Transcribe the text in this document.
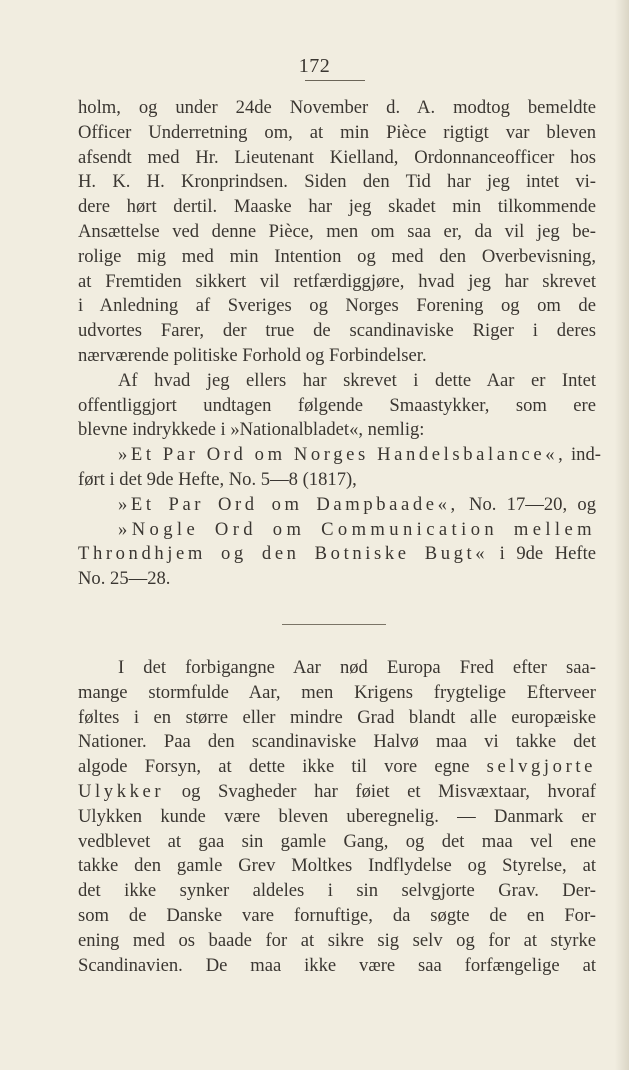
172
holm, og under 24de November d. A. modtog bemeldte
Officer Underretning om, at min Pièce rigtigt var bleven
afsendt med Hr. Lieutenant Kielland, Ordonnanceofficer hos
H. K. H. Kronprindsen. Siden den Tid har jeg intet vi-
dere hørt dertil. Maaske har jeg skadet min tilkommende
Ansættelse ved denne Pièce, men om saa er, da vil jeg be-
rolige mig med min Intention og med den Overbevisning,
at Fremtiden sikkert vil retfærdiggjøre, hvad jeg har skrevet
i Anledning af Sveriges og Norges Forening og om de
udvortes Farer, der true de scandinaviske Riger i deres
nærværende politiske Forhold og Forbindelser.
Af hvad jeg ellers har skrevet i dette Aar er Intet
offentliggjort undtagen følgende Smaastykker, som ere
blevne indrykkede i »Nationalbladet«, nemlig:
»Et Par Ord om Norges Handelsbalance«, ind-
ført i det 9de Hefte, No. 5—8 (1817),
»Et Par Ord om Dampbaade«, No. 17—20, og
»Nogle Ord om Communication mellem
Throndhjem og den Botniske Bugt« i 9de Hefte
No. 25—28.
I det forbigangne Aar nød Europa Fred efter saa-
mange stormfulde Aar, men Krigens frygtelige Efterveer
føltes i en større eller mindre Grad blandt alle europæiske
Nationer. Paa den scandinaviske Halvø maa vi takke det
algode Forsyn, at dette ikke til vore egne selvgjorte
Ulykker og Svagheder har føiet et Misvæxtaar, hvoraf
Ulykken kunde være bleven uberegnelig. — Danmark er
vedblevet at gaa sin gamle Gang, og det maa vel ene
takke den gamle Grev Moltkes Indflydelse og Styrelse, at
det ikke synker aldeles i sin selvgjorte Grav. Der-
som de Danske vare fornuftige, da søgte de en For-
ening med os baade for at sikre sig selv og for at styrke
Scandinavien. De maa ikke være saa forfængelige at
